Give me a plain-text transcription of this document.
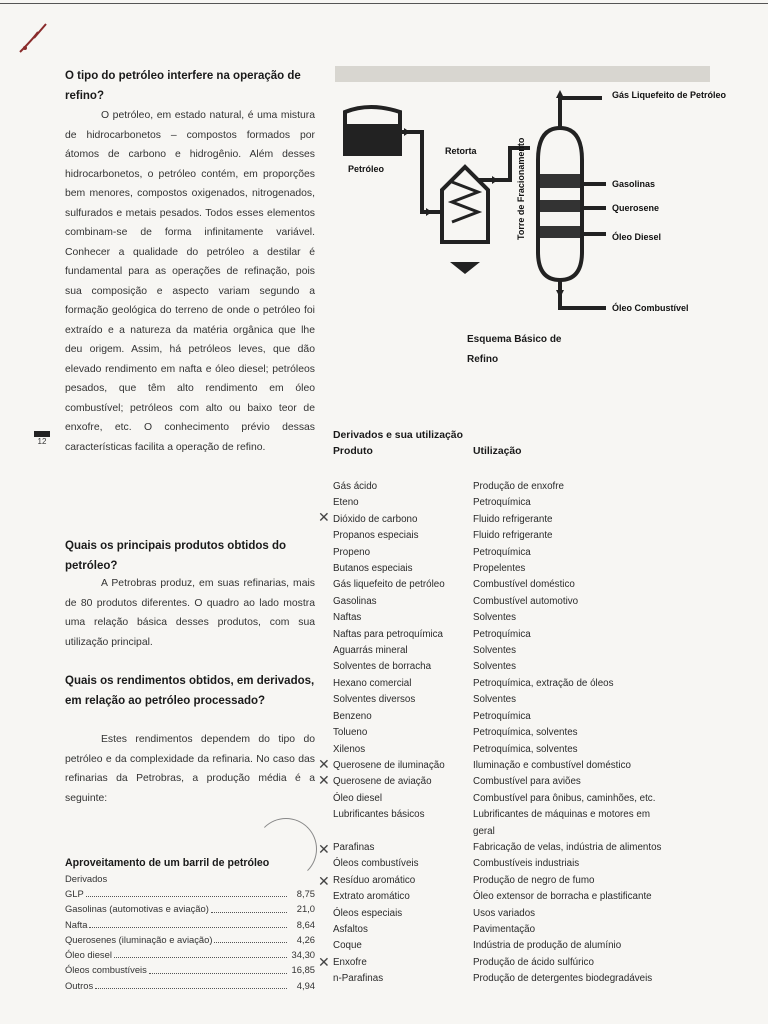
O tipo do petróleo interfere na operação de refino?
O petróleo, em estado natural, é uma mistura de hidrocarbonetos – compostos formados por átomos de carbono e hidrogênio. Além desses hidrocarbonetos, o petróleo contém, em proporções bem menores, compostos oxigenados, nitrogenados, sulfurados e metais pesados. Todos esses elementos combinam-se de forma infinitamente variável. Conhecer a qualidade do petróleo a destilar é fundamental para as operações de refinação, pois sua composição e aspecto variam segundo a formação geológica do terreno de onde o petróleo foi extraído e a natureza da matéria orgânica que lhe deu origem. Assim, há petróleos leves, que dão elevado rendimento em nafta e óleo diesel; petróleos pesados, que têm alto rendimento em óleo combustível; petróleos com alto ou baixo teor de enxofre, etc. O conhecimento prévio dessas características facilita a operação de refino.
12
Quais os principais produtos obtidos do petróleo?
A Petrobras produz, em suas refinarias, mais de 80 produtos diferentes. O quadro ao lado mostra uma relação básica desses produtos, com sua utilização principal.
Quais os rendimentos obtidos, em derivados, em relação ao petróleo processado?
Estes rendimentos dependem do tipo do petróleo e da complexidade da refinaria. No caso das refinarias da Petrobras, a produção média é a seguinte:
Aproveitamento de um barril de petróleo
Derivados
GLP	8,75
Gasolinas (automotivas e aviação)	21,0
Nafta	8,64
Querosenes (iluminação e aviação)	4,26
Óleo diesel	34,30
Óleos combustíveis	16,85
Outros	4,94
Gás Liquefeito de Petróleo
Petróleo
Retorta	Torre de Fracionamento	Gasolinas
Querosene
Óleo Diesel
Óleo Combustível
Esquema Básico de Refino
Derivados e sua utilização
Produto	Utilização
Gás ácido	Produção de enxofre
Eteno	Petroquímica
Dióxido de carbono	Fluido refrigerante
Propanos especiais	Fluido refrigerante
Propeno	Petroquímica
Butanos especiais	Propelentes
Gás liquefeito de petróleo	Combustível doméstico
Gasolinas	Combustível automotivo
Naftas	Solventes
Naftas para petroquímica	Petroquímica
Aguarrás mineral	Solventes
Solventes de borracha	Solventes
Hexano comercial	Petroquímica, extração de óleos
Solventes diversos	Solventes
Benzeno	Petroquímica
Tolueno	Petroquímica, solventes
Xilenos	Petroquímica, solventes
Querosene de iluminação	Iluminação e combustível doméstico
Querosene de aviação	Combustível para aviões
Óleo diesel	Combustível para ônibus, caminhões, etc.
Lubrificantes básicos	Lubrificantes de máquinas e motores em
geral
Parafinas	Fabricação de velas, indústria de alimentos
Óleos combustíveis	Combustíveis industriais
Resíduo aromático	Produção de negro de fumo
Extrato aromático	Óleo extensor de borracha e plastificante
Óleos especiais	Usos variados
Asfaltos	Pavimentação
Coque	Indústria de produção de alumínio
Enxofre	Produção de ácido sulfúrico
n-Parafinas	Produção de detergentes biodegradáveis
✕
✕
✕
✕
✕
✕
